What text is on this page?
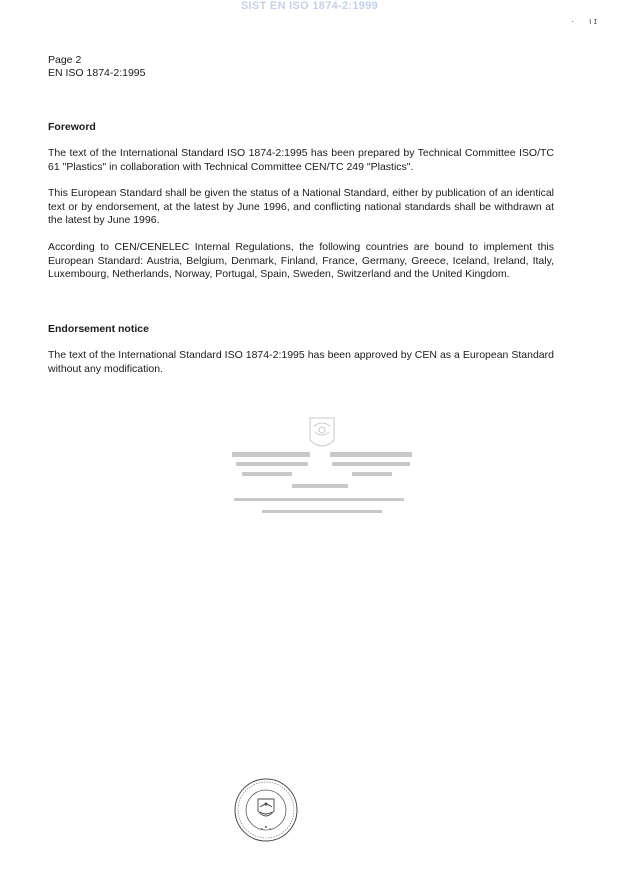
SIST EN ISO 1874-2:1999
·      ι ɪ
Page 2
EN ISO 1874-2:1995
Foreword
The text of the International Standard ISO 1874-2:1995 has been prepared by Technical Committee ISO/TC 61 "Plastics" in collaboration with Technical Committee CEN/TC 249 "Plastics".
This European Standard shall be given the status of a National Standard, either by publication of an identical text or by endorsement, at the latest by June 1996, and conflicting national standards shall be withdrawn at the latest by June 1996.
According to CEN/CENELEC Internal Regulations, the following countries are bound to implement this European Standard: Austria, Belgium, Denmark, Finland, France, Germany, Greece, Iceland, Ireland, Italy, Luxembourg, Netherlands, Norway, Portugal, Spain, Sweden, Switzerland and the United Kingdom.
Endorsement notice
The text of the International Standard ISO 1874-2:1995 has been approved by CEN as a European Standard without any modification.
